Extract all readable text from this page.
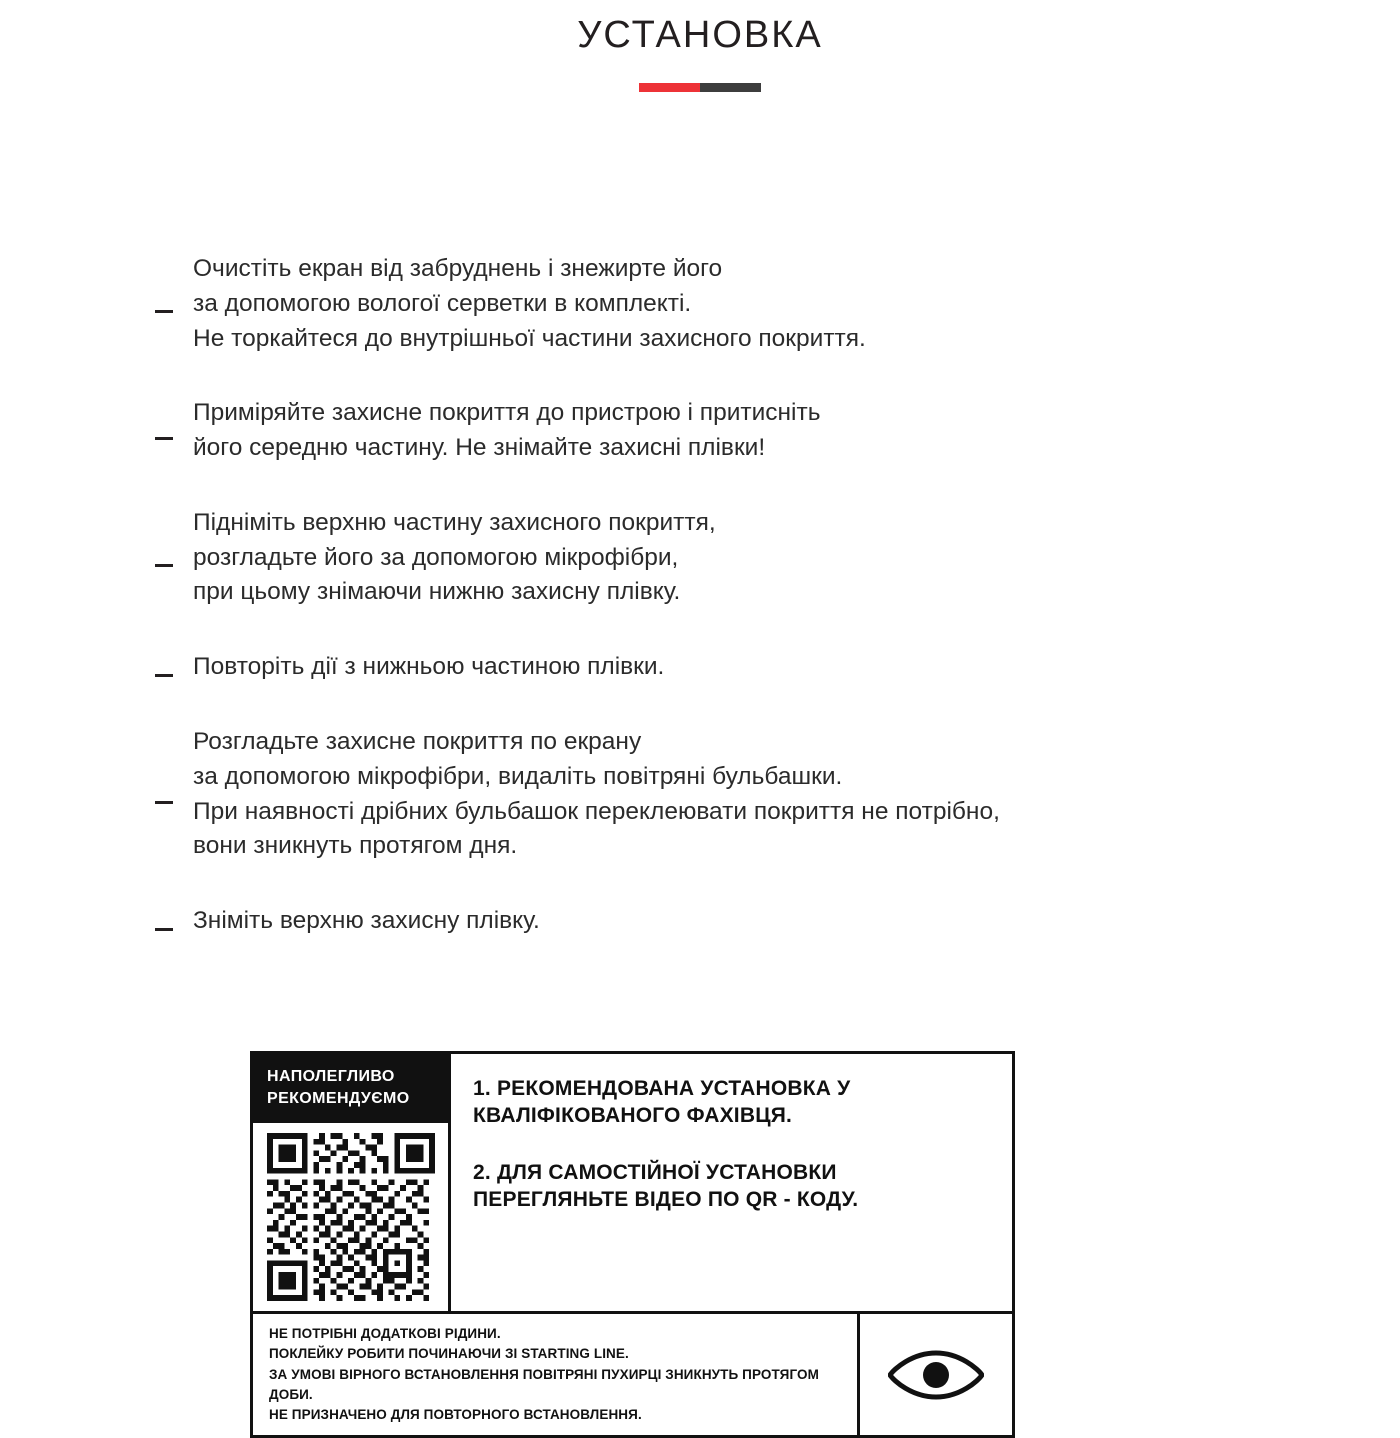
УСТАНОВКА
Очистіть екран від забруднень і знежирте його
за допомогою вологої серветки в комплекті.
Не торкайтеся до внутрішньої частини захисного покриття.
Приміряйте захисне покриття до пристрою і притисніть
його середню частину. Не знімайте захисні плівки!
Підніміть верхню частину захисного покриття,
розгладьте його за допомогою мікрофібри,
при цьому знімаючи нижню захисну плівку.
Повторіть дії з нижньою частиною плівки.
Розгладьте захисне покриття по екрану
за допомогою мікрофібри, видаліть повітряні бульбашки.
При наявності дрібних бульбашок переклеювати покриття не потрібно,
вони зникнуть протягом дня.
Зніміть верхню захисну плівку.
НАПОЛЕГЛИВО
РЕКОМЕНДУЄМО	1. РЕКОМЕНДОВАНА УСТАНОВКА У КВАЛІФІКОВАНОГО ФАХІВЦЯ.

2. ДЛЯ САМОСТІЙНОЇ УСТАНОВКИ ПЕРЕГЛЯНЬТЕ ВІДЕО ПО QR - КОДУ.

НЕ ПОТРІБНІ ДОДАТКОВІ РІДИНИ.
ПОКЛЕЙКУ РОБИТИ ПОЧИНАЮЧИ ЗІ STARTING LINE.
ЗА УМОВІ ВІРНОГО ВСТАНОВЛЕННЯ ПОВІТРЯНІ ПУХИРЦІ ЗНИКНУТЬ ПРОТЯГОМ ДОБИ.
НЕ ПРИЗНАЧЕНО ДЛЯ ПОВТОРНОГО ВСТАНОВЛЕННЯ.
